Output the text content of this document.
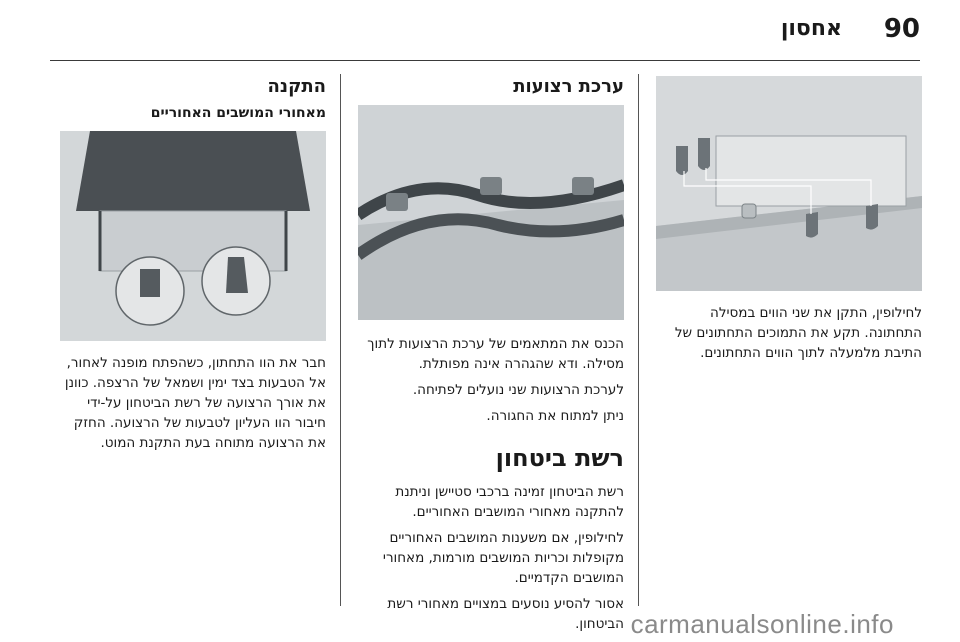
90
אחסון

לחילופין, התקן את שני הווים במסילה התחתונה. תקע את התמוכים התחתונים של התיבת מלמעלה לתוך הווים התחתונים.

ערכת רצועות

הכנס את המתאמים של ערכת הרצועות לתוך מסילה. ודא שהגהרה אינה מפותלת.

לערכת הרצועות שני נועלים לפתיחה.

ניתן למתוח את החגורה.

רשת ביטחון

רשת הביטחון זמינה ברכבי סטיישן וניתנת להתקנה מאחורי המושבים האחוריים.

לחילופין, אם משענות המושבים האחוריים מקופלות וכריות המושבים מורמות, מאחורי המושבים הקדמיים.

אסור להסיע נוסעים במצויים מאחורי רשת הביטחון.

התקנה
מאחורי המושבים האחוריים

חבר את הוו התחתון, כשהפתח מופנה לאחור, אל הטבעות בצד ימין ושמאל של הרצפה. כוונן את אורך הרצועה של רשת הביטחון על-ידי חיבור הוו העליון לטבעות של הרצועה. החזק את הרצועה מתוחה בעת התקנת המוט.

carmanualsonline.info
